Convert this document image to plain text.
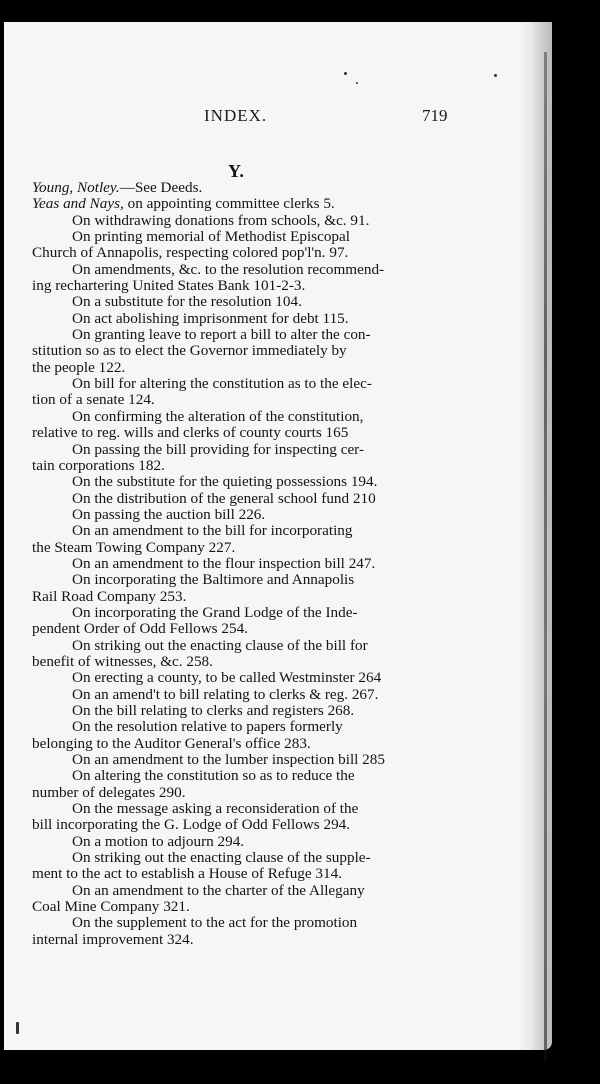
INDEX.	719
Y.
Young, Notley.—See Deeds.
Yeas and Nays, on appointing committee clerks 5.
On withdrawing donations from schools, &c. 91.
On printing memorial of Methodist Episcopal
Church of Annapolis, respecting colored pop'l'n. 97.
On amendments, &c. to the resolution recommend-
ing rechartering United States Bank 101-2-3.
On a substitute for the resolution 104.
On act abolishing imprisonment for debt 115.
On granting leave to report a bill to alter the con-
stitution so as to elect the Governor immediately by
the people 122.
On bill for altering the constitution as to the elec-
tion of a senate 124.
On confirming the alteration of the constitution,
relative to reg. wills and clerks of county courts 165
On passing the bill providing for inspecting cer-
tain corporations 182.
On the substitute for the quieting possessions 194.
On the distribution of the general school fund 210
On passing the auction bill 226.
On an amendment to the bill for incorporating
the Steam Towing Company 227.
On an amendment to the flour inspection bill 247.
On incorporating the Baltimore and Annapolis
Rail Road Company 253.
On incorporating the Grand Lodge of the Inde-
pendent Order of Odd Fellows 254.
On striking out the enacting clause of the bill for
benefit of witnesses, &c. 258.
On erecting a county, to be called Westminster 264
On an amend't to bill relating to clerks & reg. 267.
On the bill relating to clerks and registers 268.
On the resolution relative to papers formerly
belonging to the Auditor General's office 283.
On an amendment to the lumber inspection bill 285
On altering the constitution so as to reduce the
number of delegates 290.
On the message asking a reconsideration of the
bill incorporating the G. Lodge of Odd Fellows 294.
On a motion to adjourn 294.
On striking out the enacting clause of the supple-
ment to the act to establish a House of Refuge 314.
On an amendment to the charter of the Allegany
Coal Mine Company 321.
On the supplement to the act for the promotion
internal improvement 324.
